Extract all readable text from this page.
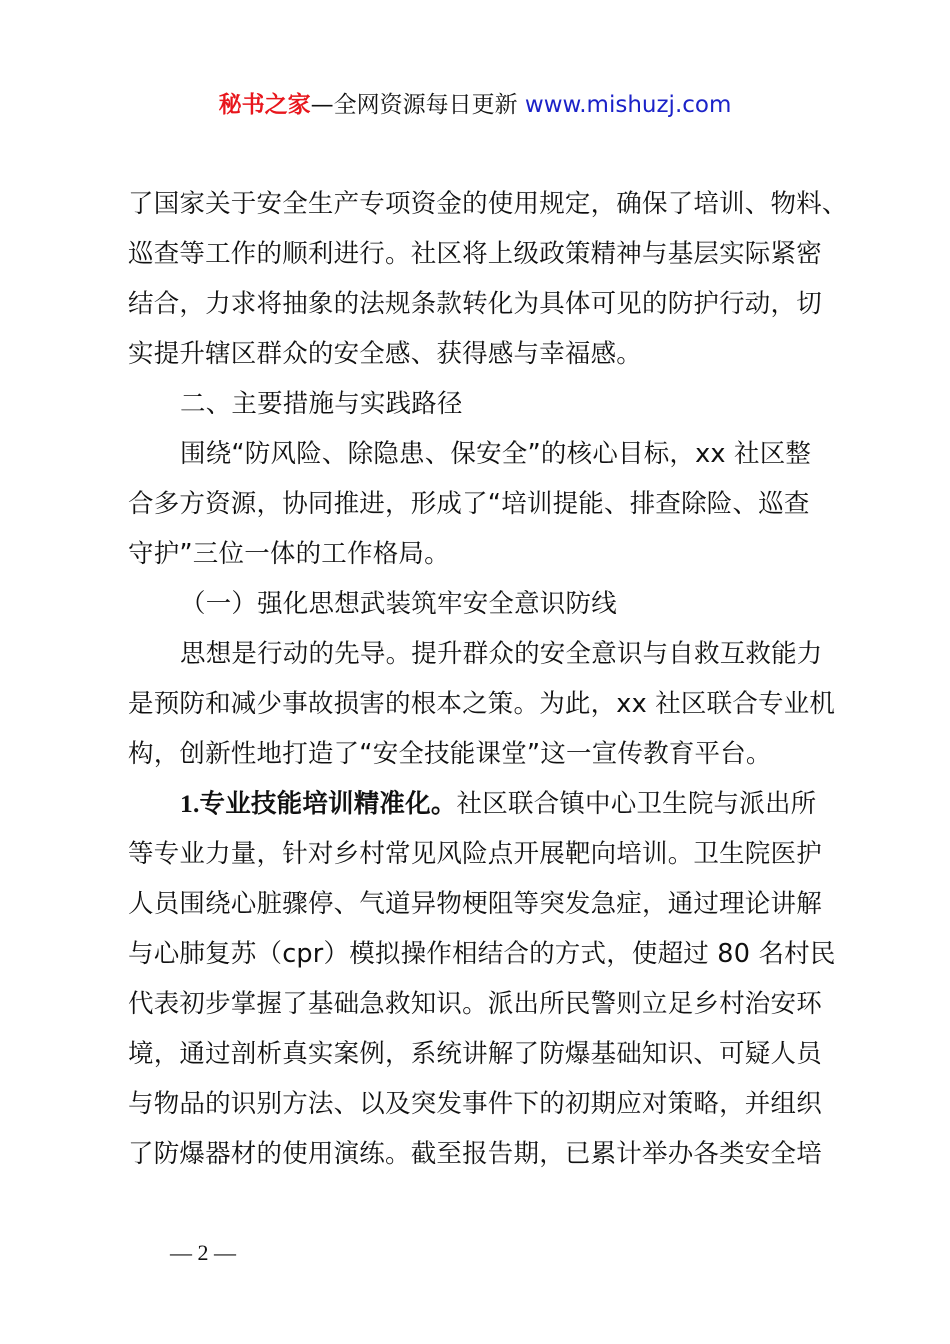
秘书之家—全网资源每日更新 www.mishuzj.com
了国家关于安全生产专项资金的使用规定，确保了培训、物料、
巡查等工作的顺利进行。社区将上级政策精神与基层实际紧密
结合，力求将抽象的法规条款转化为具体可见的防护行动，切
实提升辖区群众的安全感、获得感与幸福感。
二、主要措施与实践路径
围绕“防风险、除隐患、保安全”的核心目标，xx 社区整
合多方资源，协同推进，形成了“培训提能、排查除险、巡查
守护”三位一体的工作格局。
（一）强化思想武装筑牢安全意识防线
思想是行动的先导。提升群众的安全意识与自救互救能力
是预防和减少事故损害的根本之策。为此，xx 社区联合专业机
构，创新性地打造了“安全技能课堂”这一宣传教育平台。
1.专业技能培训精准化。社区联合镇中心卫生院与派出所
等专业力量，针对乡村常见风险点开展靶向培训。卫生院医护
人员围绕心脏骤停、气道异物梗阻等突发急症，通过理论讲解
与心肺复苏（cpr）模拟操作相结合的方式，使超过 80 名村民
代表初步掌握了基础急救知识。派出所民警则立足乡村治安环
境，通过剖析真实案例，系统讲解了防爆基础知识、可疑人员
与物品的识别方法、以及突发事件下的初期应对策略，并组织
了防爆器材的使用演练。截至报告期，已累计举办各类安全培
— 2 —
